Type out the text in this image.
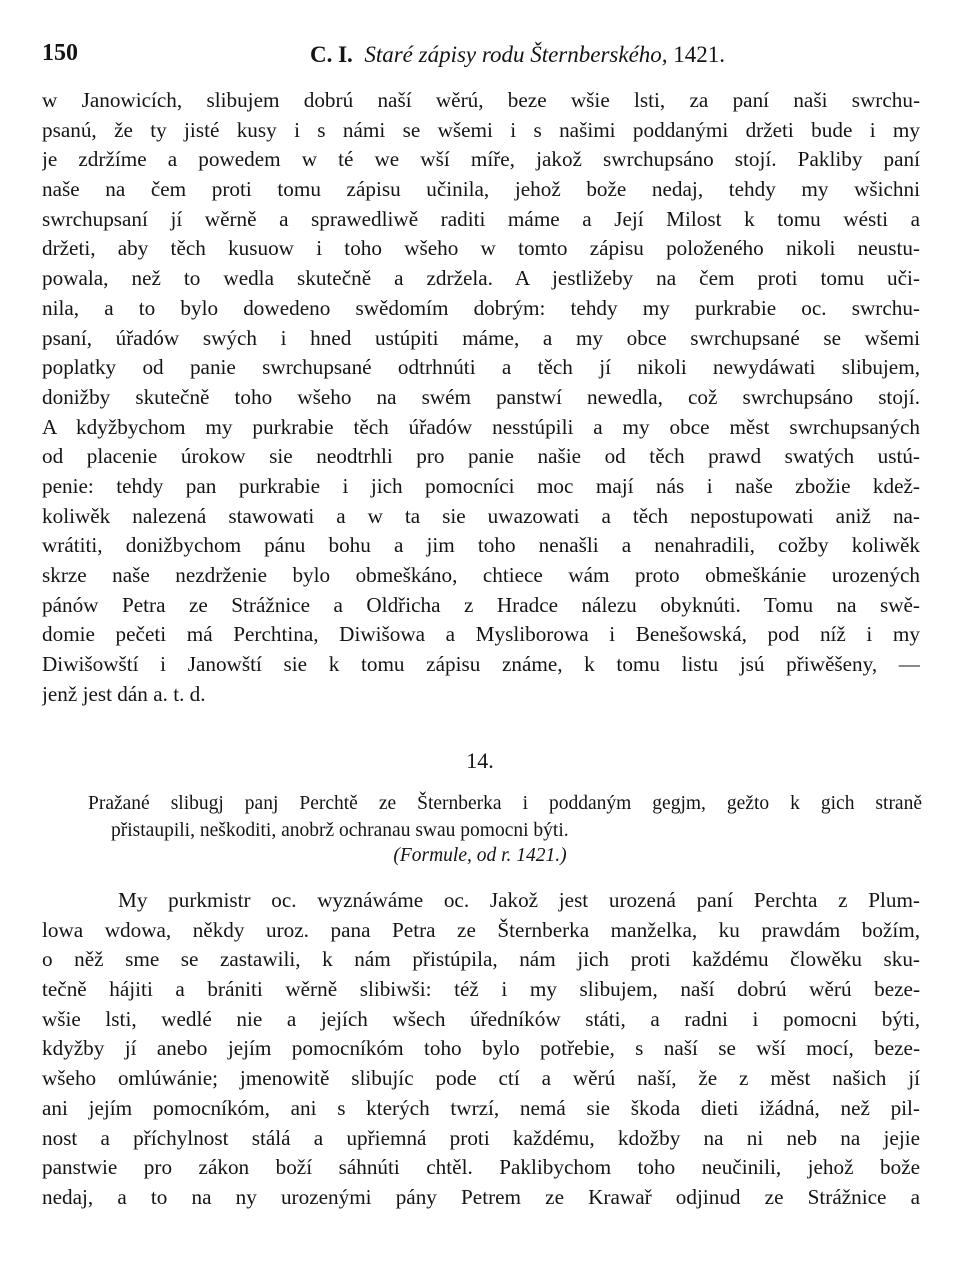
150	C. I. Staré zápisy rodu Šternberského, 1421.
w Janowicích, slibujem dobrú naší wěrú, beze wšie lsti, za paní naši swrchu-
psanú, že ty jisté kusy i s námi se wšemi i s našimi poddanými držeti bude i my
je zdržíme a powedem w té we wší míře, jakož swrchupsáno stojí. Pakliby paní
naše na čem proti tomu zápisu učinila, jehož bože nedaj, tehdy my wšichni
swrchupsaní jí wěrně a sprawedliwě raditi máme a Její Milost k tomu wésti a
držeti, aby těch kusuow i toho wšeho w tomto zápisu položeného nikoli neustu-
powala, než to wedla skutečně a zdržela. A jestližeby na čem proti tomu uči-
nila, a to bylo dowedeno swědomím dobrým: tehdy my purkrabie oc. swrchu-
psaní, úřadów swých i hned ustúpiti máme, a my obce swrchupsané se wšemi
poplatky od panie swrchupsané odtrhnúti a těch jí nikoli newydáwati slibujem,
donižby skutečně toho wšeho na swém panstwí newedla, což swrchupsáno stojí.
A kdyžbychom my purkrabie těch úřadów nesstúpili a my obce měst swrchupsaných
od placenie úrokow sie neodtrhli pro panie našie od těch prawd swatých ustú-
penie: tehdy pan purkrabie i jich pomocníci moc mají nás i naše zbožie kdež-
koliwěk nalezená stawowati a w ta sie uwazowati a těch nepostupowati aniž na-
wrátiti, donižbychom pánu bohu a jim toho nenašli a nenahradili, cožby koliwěk
skrze naše nezdrženie bylo obmeškáno, chtiece wám proto obmeškánie urozených
pánów Petra ze Strážnice a Oldřicha z Hradce nálezu obyknúti. Tomu na swě-
domie pečeti má Perchtina, Diwišowa a Mysliborowa i Benešowská, pod níž i my
Diwišowští i Janowští sie k tomu zápisu známe, k tomu listu jsú přiwěšeny, —
jenž jest dán a. t. d.
14.
Pražané slibugj panj Perchtě ze Šternberka i poddaným gegjm, gežto k gich straně
přistaupili, neškoditi, anobrž ochranau swau pomocni býti.
(Formule, od r. 1421.)
My purkmistr oc. wyznáwáme oc. Jakož jest urozená paní Perchta z Plum-
lowa wdowa, někdy uroz. pana Petra ze Šternberka manželka, ku prawdám božím,
o něž sme se zastawili, k nám přistúpila, nám jich proti každému člowěku sku-
tečně hájiti a brániti wěrně slibiwši: též i my slibujem, naší dobrú wěrú beze-
wšie lsti, wedlé nie a jejích wšech úředníków státi, a radni i pomocni býti,
kdyžby jí anebo jejím pomocníkóm toho bylo potřebie, s naší se wší mocí, beze-
wšeho omlúwánie; jmenowitě slibujíc pode ctí a wěrú naší, že z měst našich jí
ani jejím pomocníkóm, ani s kterých twrzí, nemá sie škoda dieti ižádná, než pil-
nost a příchylnost stálá a upřiemná proti každému, kdožby na ni neb na jejie
panstwie pro zákon boží sáhnúti chtěl. Paklibychom toho neučinili, jehož bože
nedaj, a to na ny urozenými pány Petrem ze Krawař odjinud ze Strážnice a
